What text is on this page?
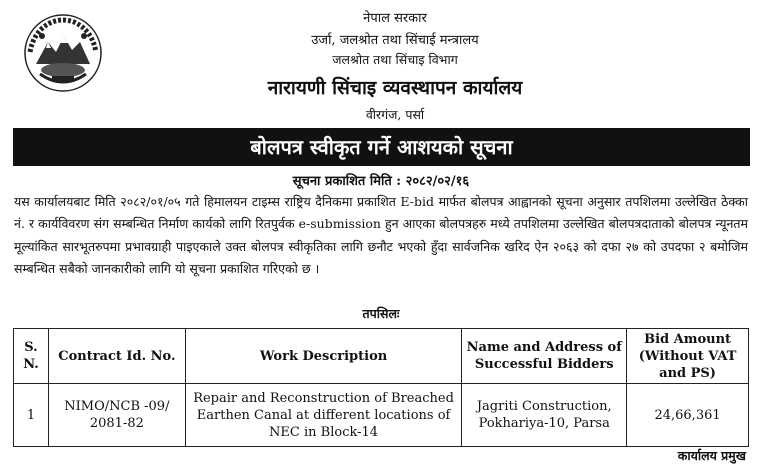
नेपाल सरकार
उर्जा, जलश्रोत तथा सिंचाई मन्त्रालय
जलश्रोत तथा सिंचाइ विभाग
नारायणी सिंचाइ व्यवस्थापन कार्यालय
वीरगंज, पर्सा
बोलपत्र स्वीकृत गर्ने आशयको सूचना
सूचना प्रकाशित मिति : २०८२/०२/१६
यस कार्यालयबाट मिति २०८२/०१/०५ गते हिमालयन टाइम्स राष्ट्रिय दैनिकमा प्रकाशित E-bid मार्फत बोलपत्र आह्वानको सूचना अनुसार तपशिलमा उल्लेखित ठेक्का नं. र कार्यविवरण संग सम्बन्धित निर्माण कार्यको लागि रितपुर्वक e-submission हुन आएका बोलपत्रहरु मध्ये तपशिलमा उल्लेखित बोलपत्रदाताको बोलपत्र न्यूनतम मूल्यांकित सारभूतरुपमा प्रभावग्राही पाइएकाले उक्त बोलपत्र स्वीकृतिका लागि छनौट भएको हुँदा सार्वजनिक खरिद ऐन २०६३ को दफा २७ को उपदफा २ बमोजिम सम्बन्धित सबैको जानकारीको लागि यो सूचना प्रकाशित गरिएको छ ।
तपसिलः
S. N.	Contract Id. No.	Work Description	Name and Address of Successful Bidders	Bid Amount (Without VAT and PS)
1	NIMO/NCB -09/ 2081-82	Repair and Reconstruction of Breached Earthen Canal at different locations of NEC in Block-14	Jagriti Construction, Pokhariya-10, Parsa	24,66,361
कार्यालय प्रमुख
